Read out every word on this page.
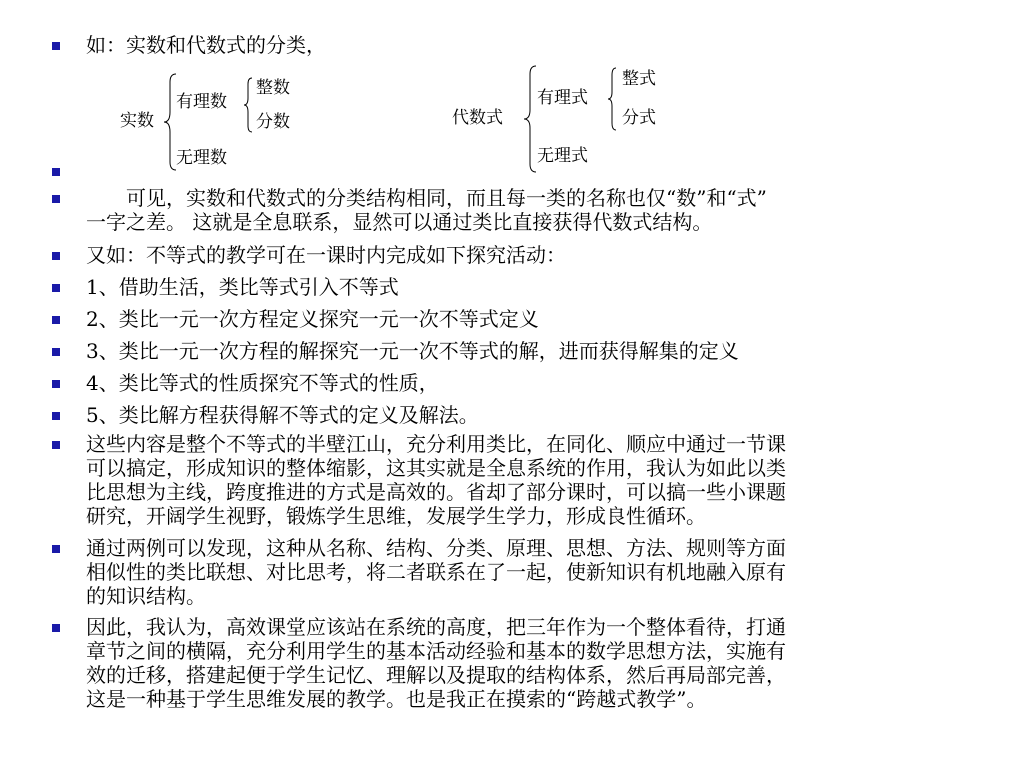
如：实数和代数式的分类，
　　可见，实数和代数式的分类结构相同，而且每一类的名称也仅“数”和“式”
一字之差。 这就是全息联系，显然可以通过类比直接获得代数式结构。
又如：不等式的教学可在一课时内完成如下探究活动：
1、借助生活，类比等式引入不等式
2、类比一元一次方程定义探究一元一次不等式定义
3、类比一元一次方程的解探究一元一次不等式的解，进而获得解集的定义
4、类比等式的性质探究不等式的性质，
5、类比解方程获得解不等式的定义及解法。
这些内容是整个不等式的半壁江山，充分利用类比，在同化、顺应中通过一节课
可以搞定，形成知识的整体缩影，这其实就是全息系统的作用，我认为如此以类
比思想为主线，跨度推进的方式是高效的。省却了部分课时，可以搞一些小课题
研究，开阔学生视野，锻炼学生思维，发展学生学力，形成良性循环。
通过两例可以发现，这种从名称、结构、分类、原理、思想、方法、规则等方面
相似性的类比联想、对比思考，将二者联系在了一起，使新知识有机地融入原有
的知识结构。
因此，我认为，高效课堂应该站在系统的高度，把三年作为一个整体看待，打通
章节之间的横隔，充分利用学生的基本活动经验和基本的数学思想方法，实施有
效的迁移，搭建起便于学生记忆、理解以及提取的结构体系，然后再局部完善，
这是一种基于学生思维发展的教学。也是我正在摸索的“跨越式教学”。
实数
有理数
无理数
整数
分数	代数式
有理式
无理式
整式
分式
